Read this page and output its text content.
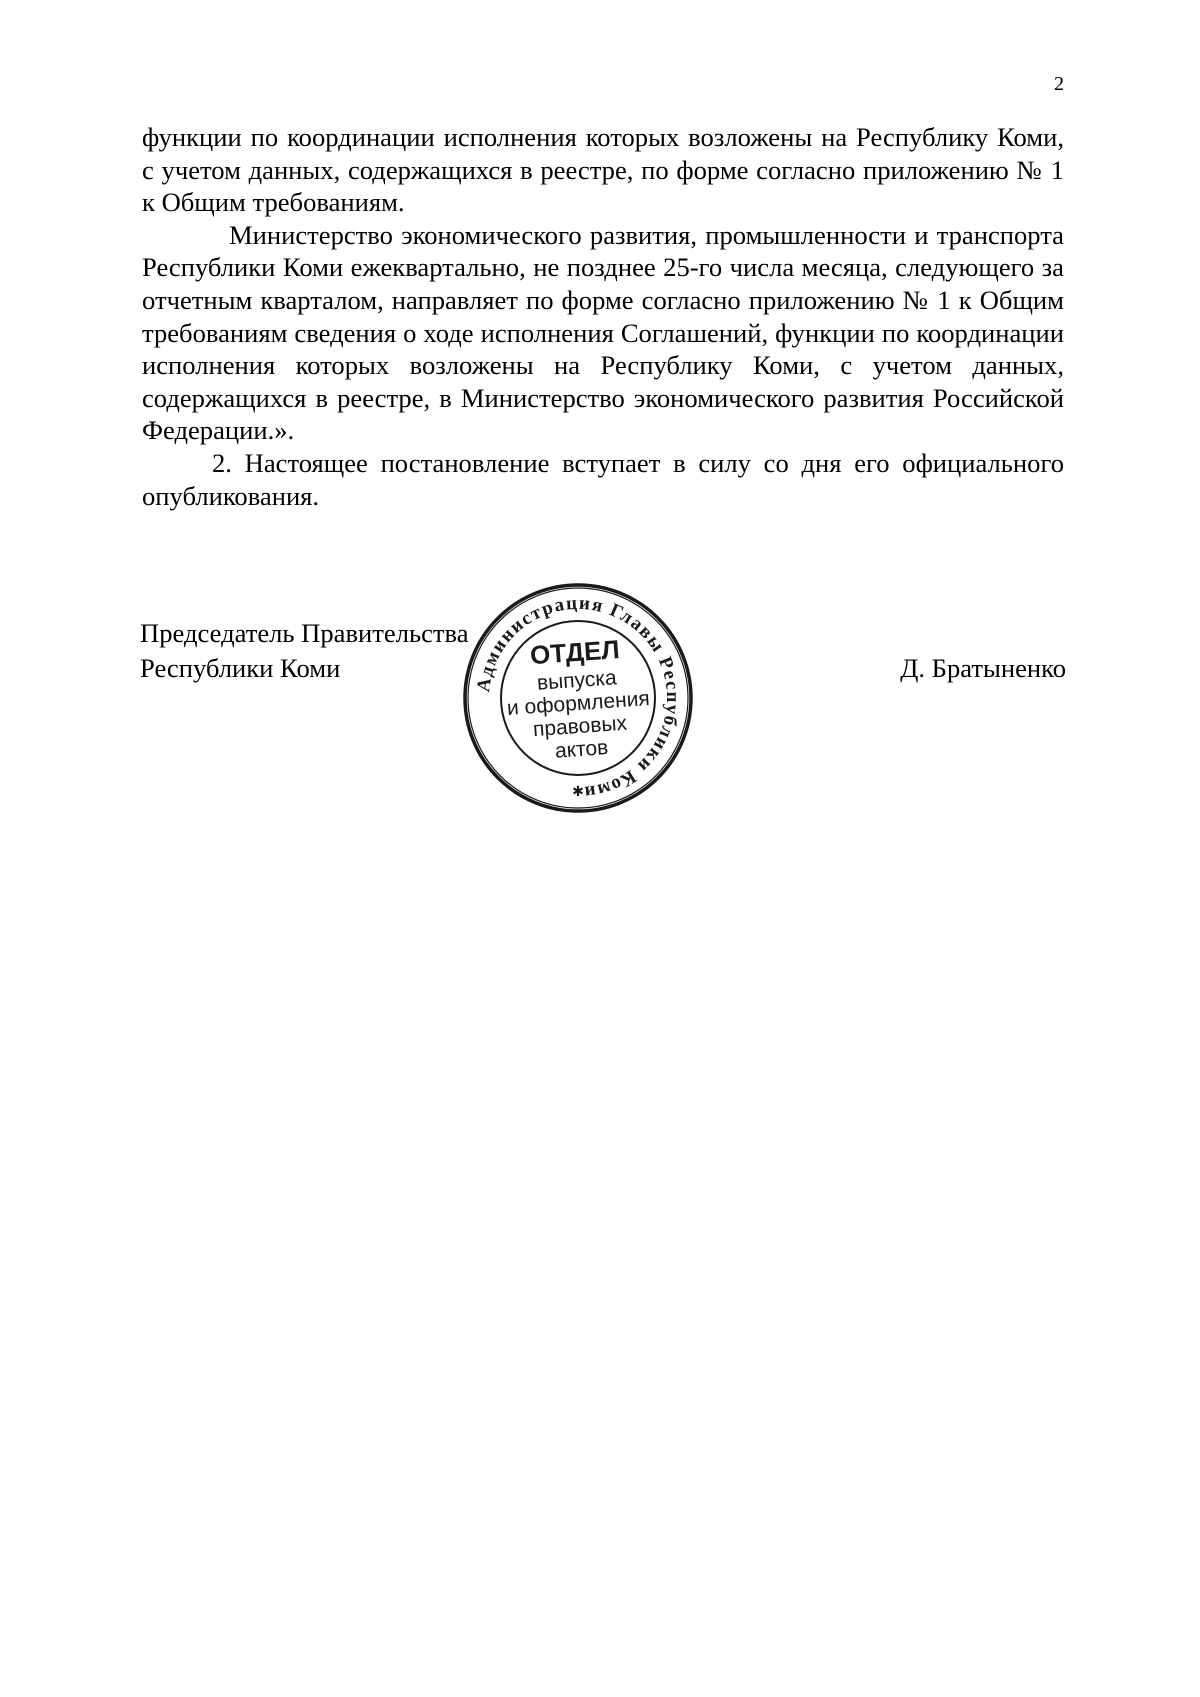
2

функции по координации исполнения которых возложены на Республику Коми, с учетом данных, содержащихся в реестре, по форме согласно приложению № 1 к Общим требованиям.

Министерство экономического развития, промышленности и транспорта Республики Коми ежеквартально, не позднее 25-го числа месяца, следующего за отчетным кварталом, направляет по форме согласно приложению № 1 к Общим требованиям сведения о ходе исполнения Соглашений, функции по координации исполнения которых возложены на Республику Коми, с учетом данных, содержащихся в реестре, в Министерство экономического развития Российской Федерации.».

2. Настоящее постановление вступает в силу со дня его официального опубликования.

Председатель Правительства
Республики Коми	Д. Братыненко
Администрация Главы Республики Коми
ОТДЕЛ
выпуска
и оформления
правовых
актов
✱
